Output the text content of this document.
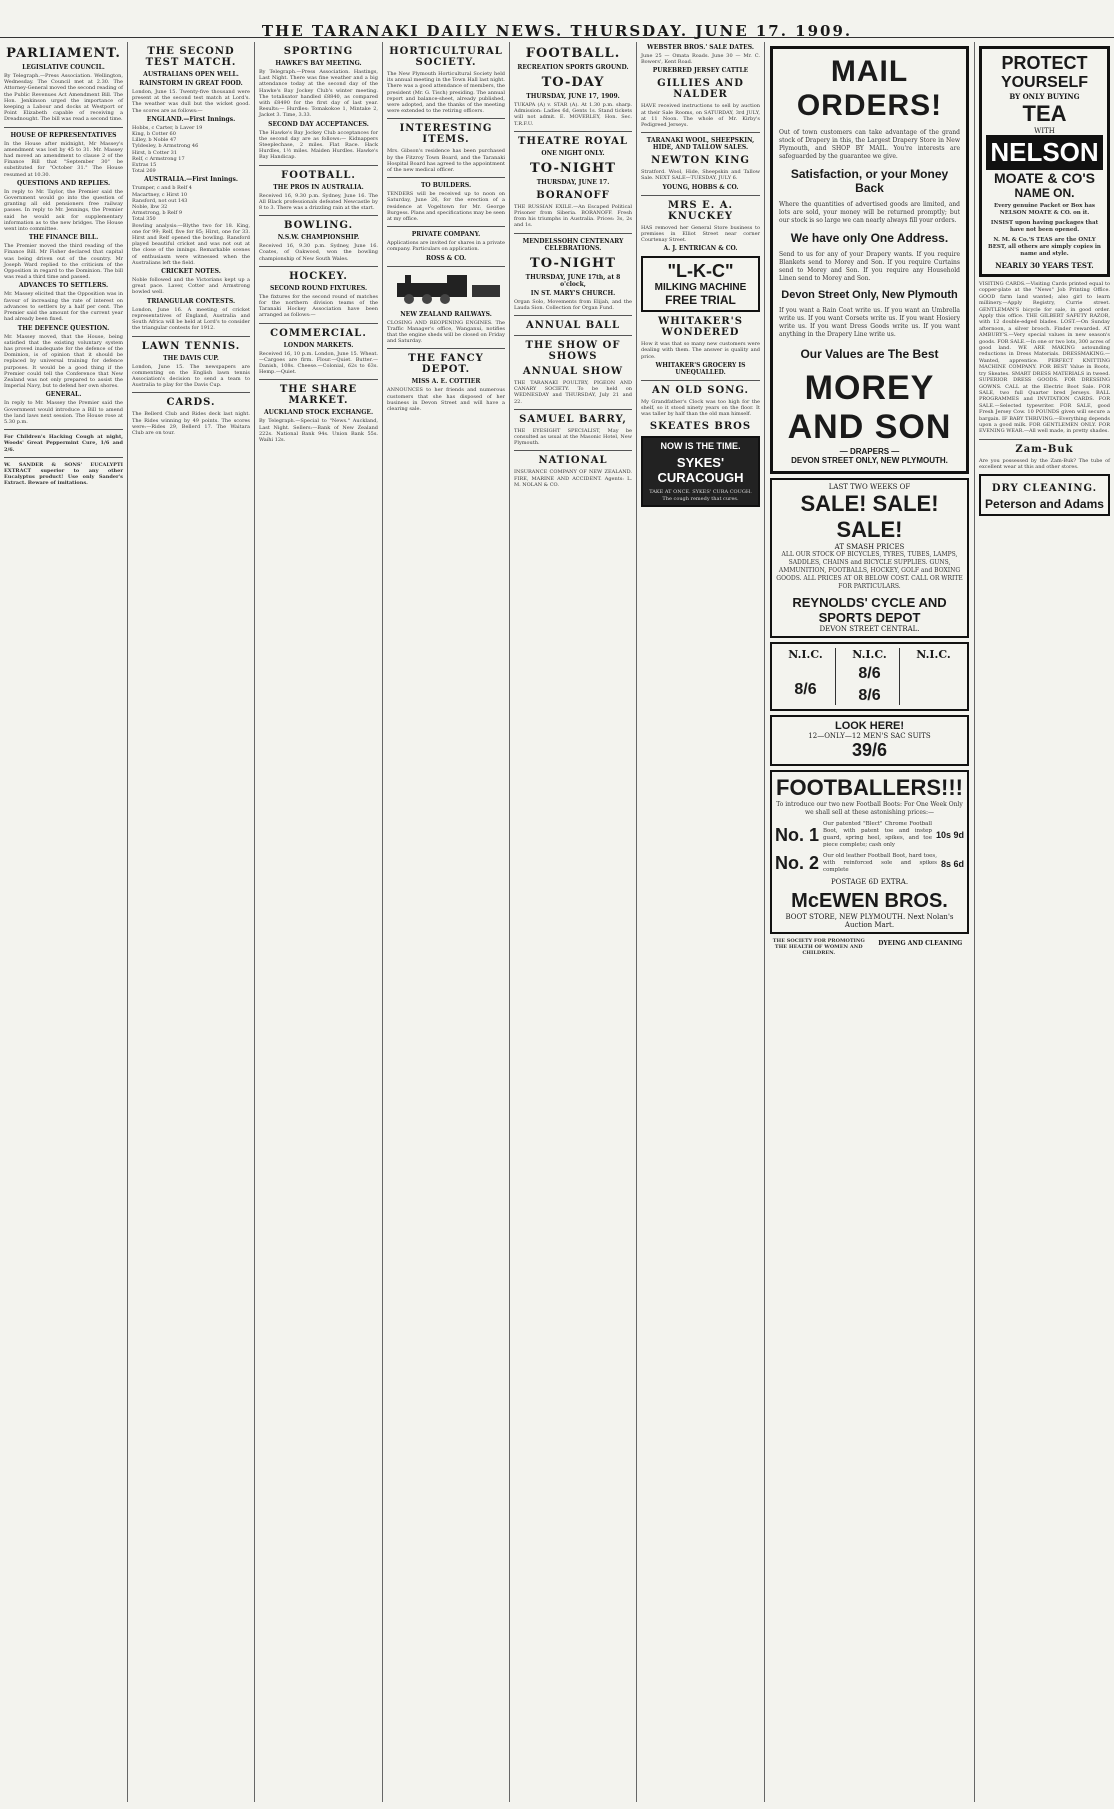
THE TARANAKI DAILY NEWS. THURSDAY. JUNE 17. 1909.
PARLIAMENT.
LEGISLATIVE COUNCIL.
By Telegraph.—Press Association. Wellington, Wednesday. The Council met at 2.30. The Attorney-General moved the second reading of the Public Revenues Act Amendment Bill. The Hon. Jenkinson urged the importance of keeping a Labour and docks at Westport or Point Elizabeth capable of receiving a Dreadnought. The bill was read a second time.
HOUSE OF REPRESENTATIVES
In the House after midnight, Mr Massey's amendment was lost by 45 to 31. Mr. Massey had moved an amendment to clause 2 of the Finance Bill that "September 30" be substituted for "October 31." The House resumed at 10.30.
QUESTIONS AND REPLIES.
In reply to Mr. Taylor, the Premier said the Government would go into the question of granting all old pensioners free railway passes. In reply to Mr. Jennings, the Premier said he would ask for supplementary information as to the new bridges. The House went into committee.
THE FINANCE BILL.
The Premier moved the third reading of the Finance Bill. Mr Fisher declared that capital was being driven out of the country. Mr Joseph Ward replied to the criticism of the Opposition in regard to the Dominion. The bill was read a third time and passed.
ADVANCES TO SETTLERS.
Mr. Massey elicited that the Opposition was in favour of increasing the rate of interest on advances to settlers by a half per cent. The Premier said the amount for the current year had already been fixed.
THE DEFENCE QUESTION.
Mr. Massey moved, that the House, being satisfied that the existing voluntary system has proved inadequate for the defence of the Dominion, is of opinion that it should be replaced by universal training for defence purposes. It would be a good thing if the Premier could tell the Conference that New Zealand was not only prepared to assist the Imperial Navy, but to defend her own shores.
GENERAL.
In reply to Mr. Massey the Premier said the Government would introduce a Bill to amend the land laws next session. The House rose at 5.30 p.m.
For Children's Hacking Cough at night, Woods' Great Peppermint Cure, 1/6 and 2/6.
W. SANDER & SONS' EUCALYPTI EXTRACT superior to any other Eucalyptus product! Use only Sander's Extract. Beware of imitations.
THE SECOND TEST MATCH.
AUSTRALIANS OPEN WELL.
RAINSTORM IN GREAT FOOD.
London, June 15. Twenty-five thousand were present at the second test match at Lord's. The weather was dull but the wicket good. The scores are as follows:—
ENGLAND.—First Innings.
Hobbs, c Carter, b Laver 19
King, b Cotter 60
Lilley, b Noble 47
Tyldesley, b Armstrong 46
Hirst, b Cotter 31
Relf, c Armstrong 17
Extras 15
Total 269
AUSTRALIA.—First Innings.
Trumper, c and b Relf 4
Macartney, c Hirst 10
Ransford, not out 143
Noble, lbw 32
Armstrong, b Relf 9
Total 350
Bowling analysis:—Blythe two for 18. King, one for 99; Relf, five for 85; Hirst, one for 33. Hirst and Relf opened the bowling. Ransford played beautiful cricket and was not out at the close of the innings. Remarkable scenes of enthusiasm were witnessed when the Australians left the field.
CRICKET NOTES.
Noble followed and the Victorians kept up a great pace. Laver, Cotter and Armstrong bowled well.
TRIANGULAR CONTESTS.
London, June 16. A meeting of cricket representatives of England, Australia and South Africa will be held at Lord's to consider the triangular contests for 1912.
LAWN TENNIS.
THE DAVIS CUP.
London, June 15. The newspapers are commenting on the English lawn tennis Association's decision to send a team to Australia to play for the Davis Cup.
CARDS.
The Bellerd Club and Rides deck last night. The Rides winning by 49 points. The scores were:—Rides 29, Bellerd 17. The Waitara Club are on tour.
SPORTING
HAWKE'S BAY MEETING.
By Telegraph.—Press Association. Hastings, Last Night. There was fine weather and a big attendance today at the second day of the Hawke's Bay Jockey Club's winter meeting. The totalisator handled £8840, as compared with £8490 for the first day of last year. Results:— Hurdles: Tomakokoe 1, Mintake 2, Jacket 3. Time, 3.33.
SECOND DAY ACCEPTANCES.
The Hawke's Bay Jockey Club acceptances for the second day are as follows:— Kidnappers Steeplechase, 2 miles. Flat Race. Hack Hurdles, 1½ miles. Maiden Hurdles. Hawke's Bay Handicap.
FOOTBALL.
THE PROS IN AUSTRALIA.
Received 16, 9.30 p.m. Sydney, June 16. The All Black professionals defeated Newcastle by 8 to 3. There was a drizzling rain at the start.
BOWLING.
N.S.W. CHAMPIONSHIP.
Received 16, 9.30 p.m. Sydney, June 16. Coates, of Oakwood, won the bowling championship of New South Wales.
HOCKEY.
SECOND ROUND FIXTURES.
The fixtures for the second round of matches for the northern division teams of the Taranaki Hockey Association have been arranged as follows:—
COMMERCIAL.
LONDON MARKETS.
Received 16, 10 p.m. London, June 15. Wheat.—Cargoes are firm. Flour.—Quiet. Butter.—Danish, 108s. Cheese.—Colonial, 62s to 63s. Hemp.—Quiet.
THE SHARE MARKET.
AUCKLAND STOCK EXCHANGE.
By Telegraph.—Special to "News." Auckland, Last Night. Sellers:—Bank of New Zealand 222s. National Bank 94s. Union Bank 55s. Waihi 12s.
HORTICULTURAL SOCIETY.
The New Plymouth Horticultural Society held its annual meeting in the Town Hall last night. There was a good attendance of members, the president (Mr. G. Tisch) presiding. The annual report and balance-sheet, already published, were adopted, and the thanks of the meeting were extended to the retiring officers.
INTERESTING ITEMS.
Mrs. Gibson's residence has been purchased by the Fitzroy Town Board, and the Taranaki Hospital Board has agreed to the appointment of the new medical officer.
TO BUILDERS.
TENDERS will be received up to noon on Saturday, June 26, for the erection of a residence at Vogeltown for Mr. George Burgess. Plans and specifications may be seen at my office.
PRIVATE COMPANY.
Applications are invited for shares in a private company. Particulars on application.
ROSS & CO.
NEW ZEALAND RAILWAYS.
CLOSING AND REOPENING ENGINES. The Traffic Manager's office, Wanganui, notifies that the engine sheds will be closed on Friday and Saturday.
THE FANCY DEPOT.
MISS A. E. COTTIER
ANNOUNCES to her friends and numerous customers that she has disposed of her business in Devon Street and will have a clearing sale.
FOOTBALL.
RECREATION SPORTS GROUND.
TO-DAY
THURSDAY, JUNE 17, 1909.
TUKAPA (A) v. STAR (A). At 1.30 p.m. sharp. Admission: Ladies 6d, Gents 1s. Stand tickets will not admit. E. MOVERLEY, Hon. Sec. T.R.F.U.
THEATRE ROYAL
ONE NIGHT ONLY.
TO-NIGHT
THURSDAY, JUNE 17.
BORANOFF
THE RUSSIAN EXILE.—An Escaped Political Prisoner from Siberia. BORANOFF. Fresh from his triumphs in Australia. Prices: 3s, 2s and 1s.
MENDELSSOHN CENTENARY CELEBRATIONS.
TO-NIGHT
THURSDAY, JUNE 17th, at 8 o'clock,
IN ST. MARY'S CHURCH.
Organ Solo, Movements from Elijah, and the Lauda Sion. Collection for Organ Fund.
ANNUAL BALL
THE SHOW OF SHOWS
ANNUAL SHOW
THE TARANAKI POULTRY, PIGEON AND CANARY SOCIETY. To be held on WEDNESDAY and THURSDAY, July 21 and 22.
SAMUEL BARRY,
THE EYESIGHT SPECIALIST, May be consulted as usual at the Masonic Hotel, New Plymouth.
NATIONAL
INSURANCE COMPANY OF NEW ZEALAND. FIRE, MARINE AND ACCIDENT. Agents: L. M. NOLAN & CO.
WEBSTER BROS.' SALE DATES.
June 25 — Omata Roads. June 30 — Mr. C. Bowers', Kent Road.
PUREBRED JERSEY CATTLE
GILLIES AND NALDER
HAVE received instructions to sell by auction at their Sale Rooms, on SATURDAY, 3rd JULY, at 11 Noon. The whole of Mr. Kirby's Pedigreed Jerseys.
TARANAKI WOOL, SHEEPSKIN, HIDE, AND TALLOW SALES.
NEWTON KING
Stratford. Wool, Hide, Sheepskin and Tallow Sale. NEXT SALE—TUESDAY, JULY 6.
YOUNG, HOBBS & CO.
MRS E. A. KNUCKEY
HAS removed her General Store business to premises in Elliot Street near corner Courtenay Street.
A. J. ENTRICAN & CO.
"L-K-C"
MILKING MACHINE
FREE TRIAL
WHITAKER'S WONDERED
How it was that so many new customers were dealing with them. The answer is quality and price.
WHITAKER'S GROCERY IS UNEQUALLED.
AN OLD SONG.
My Grandfather's Clock was too high for the shelf, so it stood ninety years on the floor. It was taller by half than the old man himself.
SKEATES BROS
NOW IS THE TIME.
SYKES' CURACOUGH
TAKE AT ONCE. SYKES' CURA COUGH. The cough remedy that cures.
MAIL ORDERS!
Out of town customers can take advantage of the grand stock of Drapery in this, the Largest Drapery Store in New Plymouth, and SHOP BY MAIL. You're interests are safeguarded by the guarantee we give.
Satisfaction, or your Money Back
Where the quantities of advertised goods are limited, and lots are sold, your money will be returned promptly; but our stock is so large we can nearly always fill your orders.
We have only One Address.
Send to us for any of your Drapery wants. If you require Blankets send to Morey and Son. If you require Curtains send to Morey and Son. If you require any Household Linen send to Morey and Son.
Devon Street Only, New Plymouth
If you want a Rain Coat write us. If you want an Umbrella write us. If you want Corsets write us. If you want Hosiery write us. If you want Dress Goods write us. If you want anything in the Drapery Line write us.
Our Values are The Best
MOREY AND SON
— DRAPERS —
DEVON STREET ONLY, NEW PLYMOUTH.
LAST TWO WEEKS OF
SALE! SALE! SALE!
AT SMASH PRICES
ALL OUR STOCK OF BICYCLES, TYRES, TUBES, LAMPS, SADDLES, CHAINS and BICYCLE SUPPLIES. GUNS, AMMUNITION, FOOTBALLS, HOCKEY, GOLF and BOXING GOODS. ALL PRICES AT OR BELOW COST. CALL OR WRITE FOR PARTICULARS.
REYNOLDS' CYCLE AND SPORTS DEPOT
DEVON STREET CENTRAL.
N.I.C.
8/6
N.I.C.
8/6
8/6
N.I.C.
LOOK HERE!
12—ONLY—12 MEN'S SAC SUITS
39/6
FOOTBALLERS!!!
To introduce our two new Football Boots: For One Week Only we shall sell at these astonishing prices:—
No. 1
Our patented "Blect" Chrome Football Boot, with patent toe and instep guard, spring heel, spikes, and toe piece complete; cash only
10s 9d
No. 2 Our old leather Football Boot, hard toes, with reinforced sole and spikes complete
8s 6d
POSTAGE 6D EXTRA.
McEWEN BROS.
BOOT STORE, NEW PLYMOUTH. Next Nolan's Auction Mart.
THE SOCIETY FOR PROMOTING THE HEALTH OF WOMEN AND CHILDREN.
DYEING AND CLEANING
PROTECT
YOURSELF
BY ONLY BUYING
TEA
WITH
NELSON
MOATE & CO'S
NAME ON.
Every genuine Packet or Box has NELSON MOATE & CO. on it.
INSIST upon having packages that have not been opened.
N. M. & Co.'S TEAS are the ONLY BEST, all others are simply copies in name and style.
NEARLY 30 YEARS TEST.
VISITING CARDS.—Visiting Cards printed equal to copper-plate at the "News" Job Printing Office. GOOD farm land wanted; also girl to learn millinery.—Apply Registry, Currie street. GENTLEMAN'S bicycle for sale, in good order. Apply this office. THE GILBERT SAFETY RAZOR, with 12 double-edged blades. LOST.—On Sunday afternoon, a silver brooch. Finder rewarded. AT AMBURY'S.—Very special values in new season's goods. FOR SALE.—In one or two lots, 300 acres of good land. WE ARE MAKING astounding reductions in Dress Materials. DRESSMAKING.—Wanted, apprentice. PERFECT KNITTING MACHINE COMPANY. FOR BEST Value in Boots, try Skeates. SMART DRESS MATERIALS in tweed. SUPERIOR DRESS GOODS. FOR DRESSING GOWNS. CALL at the Electric Boot Sale. FOR SALE, two full Quarter bred Jerseys. BALL PROGRAMMES and INVITATION CARDS. FOR SALE.—Selected typewriter. FOR SALE, good Fresh Jersey Cow. 10 POUNDS given will secure a bargain. IF BABY THRIVING.—Everything depends upon a good milk. FOR GENTLEMEN ONLY. FOR EVENING WEAR.—All well made, in pretty shades.
Zam-Buk
Are you possessed by the Zam-Buk? The tube of excellent wear at this and other stores.
DRY CLEANING.
Peterson and Adams
